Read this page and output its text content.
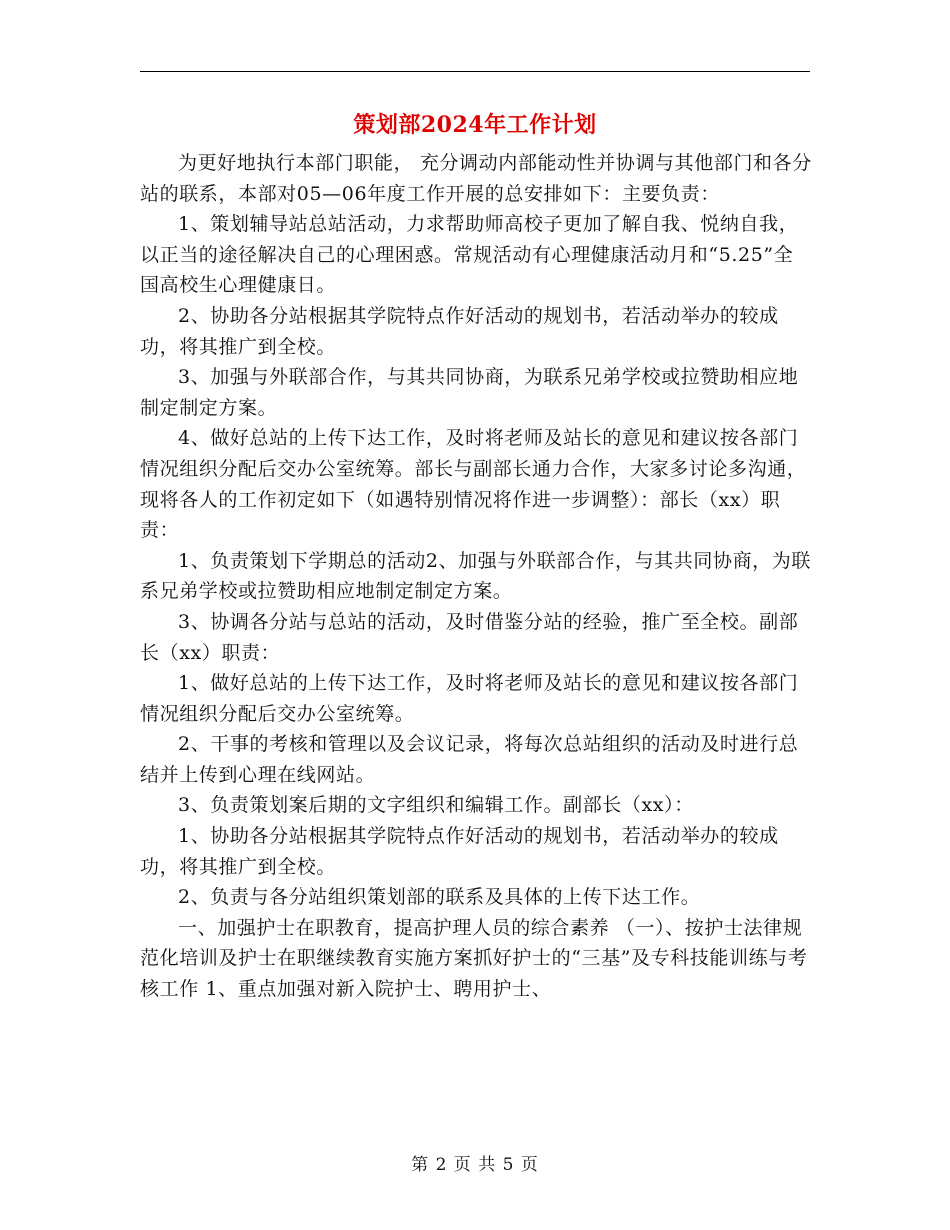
策划部2024年工作计划

为更好地执行本部门职能， 充分调动内部能动性并协调与其他部门和各分站的联系，本部对05—06年度工作开展的总安排如下：主要负责：

1、策划辅导站总站活动，力求帮助师高校子更加了解自我、悦纳自我，以正当的途径解决自己的心理困惑。常规活动有心理健康活动月和“5.25”全国高校生心理健康日。

2、协助各分站根据其学院特点作好活动的规划书，若活动举办的较成功，将其推广到全校。

3、加强与外联部合作，与其共同协商，为联系兄弟学校或拉赞助相应地制定制定方案。

4、做好总站的上传下达工作，及时将老师及站长的意见和建议按各部门情况组织分配后交办公室统筹。部长与副部长通力合作，大家多讨论多沟通，现将各人的工作初定如下（如遇特别情况将作进一步调整）：部长（xx）职责：

1、负责策划下学期总的活动2、加强与外联部合作，与其共同协商，为联系兄弟学校或拉赞助相应地制定制定方案。

3、协调各分站与总站的活动，及时借鉴分站的经验，推广至全校。副部长（xx）职责：

1、做好总站的上传下达工作，及时将老师及站长的意见和建议按各部门情况组织分配后交办公室统筹。

2、干事的考核和管理以及会议记录，将每次总站组织的活动及时进行总结并上传到心理在线网站。

3、负责策划案后期的文字组织和编辑工作。副部长（xx）：

1、协助各分站根据其学院特点作好活动的规划书，若活动举办的较成功，将其推广到全校。

2、负责与各分站组织策划部的联系及具体的上传下达工作。

一、加强护士在职教育，提高护理人员的综合素养 （一）、按护士法律规范化培训及护士在职继续教育实施方案抓好护士的“三基”及专科技能训练与考核工作 1、重点加强对新入院护士、聘用护士、

第 2 页 共 5 页
